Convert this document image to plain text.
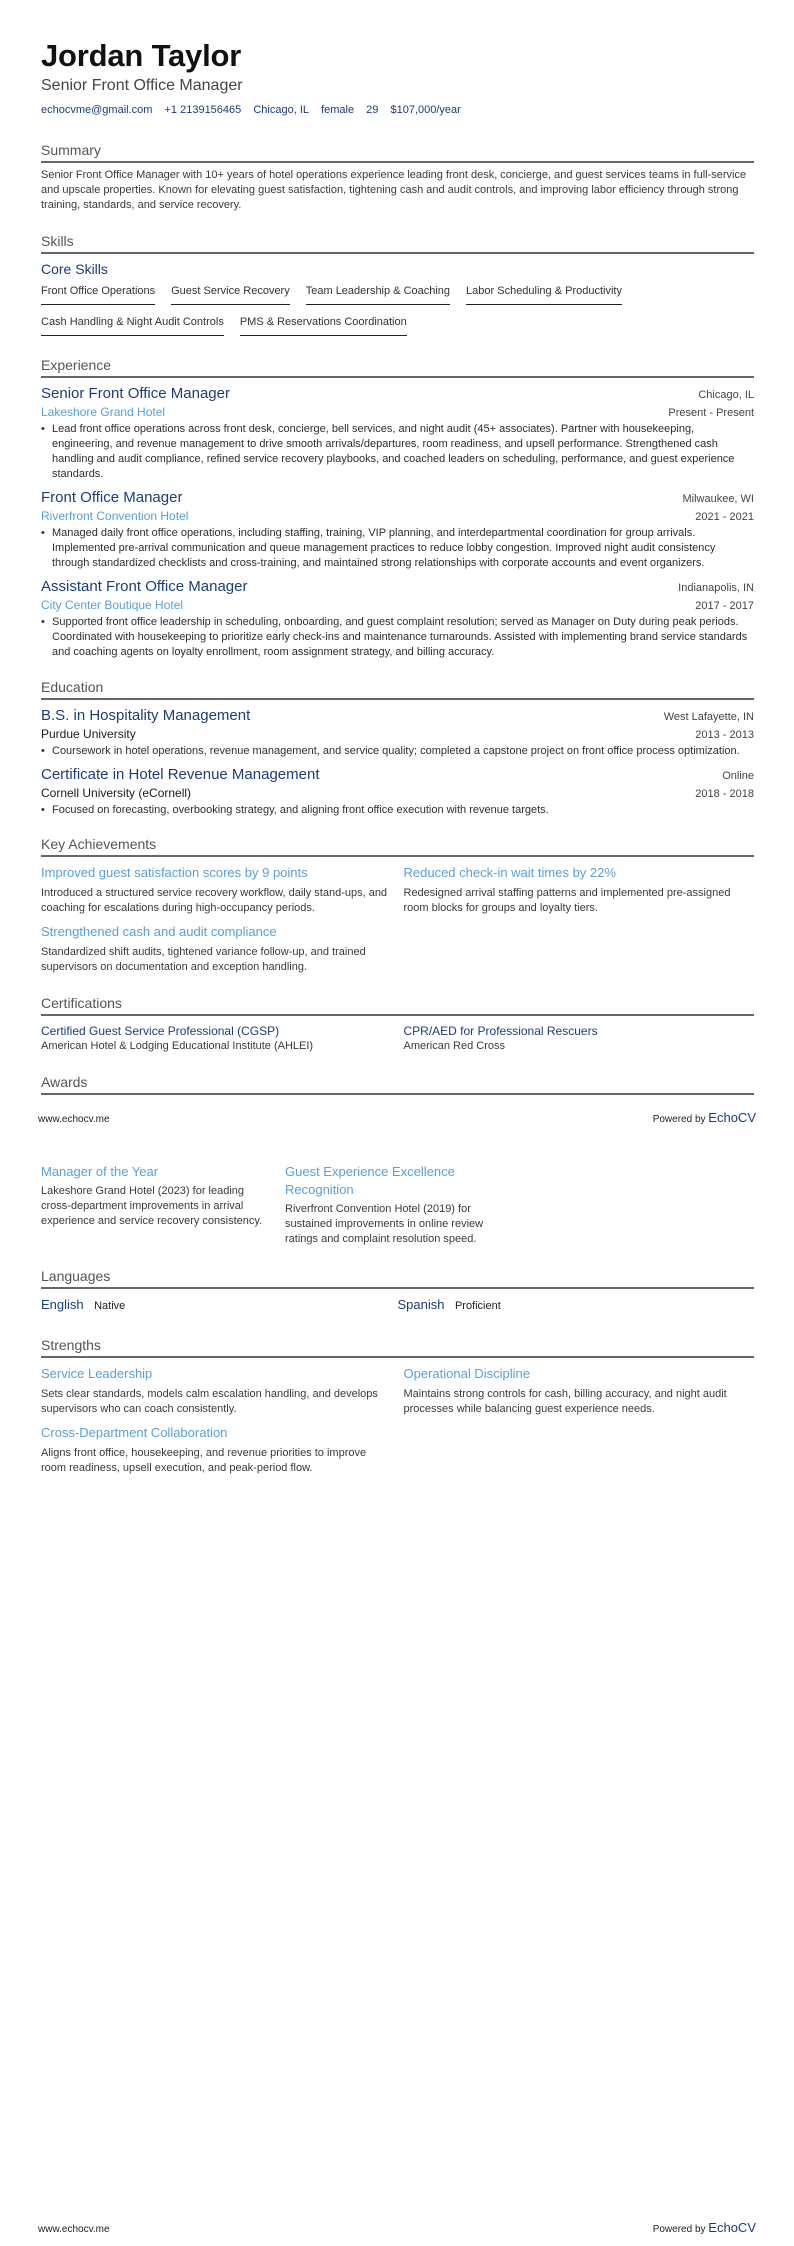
Jordan Taylor
Senior Front Office Manager
echocvme@gmail.com +1 2139156465 Chicago, IL female 29 $107,000/year
Summary
Senior Front Office Manager with 10+ years of hotel operations experience leading front desk, concierge, and guest services teams in full-service and upscale properties. Known for elevating guest satisfaction, tightening cash and audit controls, and improving labor efficiency through strong training, standards, and service recovery.
Skills
Core Skills
Front Office Operations Guest Service Recovery Team Leadership & Coaching Labor Scheduling & Productivity
Cash Handling & Night Audit Controls PMS & Reservations Coordination
Experience
Senior Front Office Manager	Chicago, IL
Lakeshore Grand Hotel	Present - Present
• Lead front office operations across front desk, concierge, bell services, and night audit (45+ associates). Partner with housekeeping, engineering, and revenue management to drive smooth arrivals/departures, room readiness, and upsell performance. Strengthened cash handling and audit compliance, refined service recovery playbooks, and coached leaders on scheduling, performance, and guest experience standards.
Front Office Manager	Milwaukee, WI
Riverfront Convention Hotel	2021 - 2021
• Managed daily front office operations, including staffing, training, VIP planning, and interdepartmental coordination for group arrivals. Implemented pre-arrival communication and queue management practices to reduce lobby congestion. Improved night audit consistency through standardized checklists and cross-training, and maintained strong relationships with corporate accounts and event organizers.
Assistant Front Office Manager	Indianapolis, IN
City Center Boutique Hotel	2017 - 2017
• Supported front office leadership in scheduling, onboarding, and guest complaint resolution; served as Manager on Duty during peak periods. Coordinated with housekeeping to prioritize early check-ins and maintenance turnarounds. Assisted with implementing brand service standards and coaching agents on loyalty enrollment, room assignment strategy, and billing accuracy.
Education
B.S. in Hospitality Management	West Lafayette, IN
Purdue University	2013 - 2013
• Coursework in hotel operations, revenue management, and service quality; completed a capstone project on front office process optimization.
Certificate in Hotel Revenue Management	Online
Cornell University (eCornell)	2018 - 2018
• Focused on forecasting, overbooking strategy, and aligning front office execution with revenue targets.
Key Achievements
Improved guest satisfaction scores by 9 points
Introduced a structured service recovery workflow, daily stand-ups, and coaching for escalations during high-occupancy periods.
Reduced check-in wait times by 22%
Redesigned arrival staffing patterns and implemented pre-assigned room blocks for groups and loyalty tiers.
Strengthened cash and audit compliance
Standardized shift audits, tightened variance follow-up, and trained supervisors on documentation and exception handling.
Certifications
Certified Guest Service Professional (CGSP)
American Hotel & Lodging Educational Institute (AHLEI)
CPR/AED for Professional Rescuers
American Red Cross
Awards
www.echocv.me	Powered by EchoCV
Manager of the Year
Lakeshore Grand Hotel (2023) for leading cross-department improvements in arrival experience and service recovery consistency.
Guest Experience Excellence Recognition
Riverfront Convention Hotel (2019) for sustained improvements in online review ratings and complaint resolution speed.
Languages
English Native	Spanish Proficient
Strengths
Service Leadership
Sets clear standards, models calm escalation handling, and develops supervisors who can coach consistently.
Operational Discipline
Maintains strong controls for cash, billing accuracy, and night audit processes while balancing guest experience needs.
Cross-Department Collaboration
Aligns front office, housekeeping, and revenue priorities to improve room readiness, upsell execution, and peak-period flow.
www.echocv.me	Powered by EchoCV
